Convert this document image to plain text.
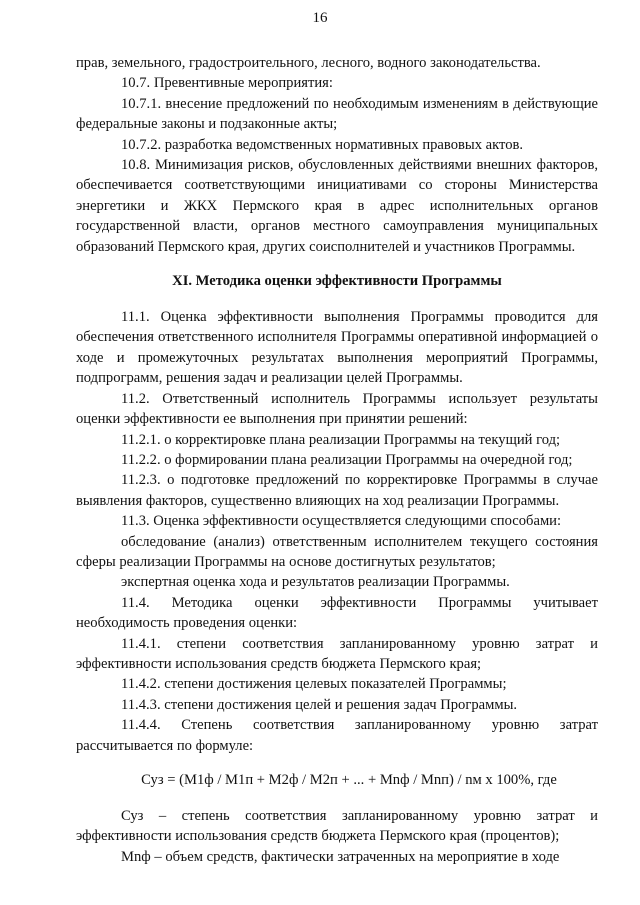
16

прав, земельного, градостроительного, лесного, водного законодательства.

10.7. Превентивные мероприятия:

10.7.1. внесение предложений по необходимым изменениям в действующие федеральные законы и подзаконные акты;

10.7.2. разработка ведомственных нормативных правовых актов.

10.8. Минимизация рисков, обусловленных действиями внешних факторов, обеспечивается соответствующими инициативами со стороны Министерства энергетики и ЖКХ Пермского края в адрес исполнительных органов государственной власти, органов местного самоуправления муниципальных образований Пермского края, других соисполнителей и участников Программы.

XI. Методика оценки эффективности Программы

11.1. Оценка эффективности выполнения Программы проводится для обеспечения ответственного исполнителя Программы оперативной информацией о ходе и промежуточных результатах выполнения мероприятий Программы, подпрограмм, решения задач и реализации целей Программы.

11.2. Ответственный исполнитель Программы использует результаты оценки эффективности ее выполнения при принятии решений:

11.2.1. о корректировке плана реализации Программы на текущий год;

11.2.2. о формировании плана реализации Программы на очередной год;

11.2.3. о подготовке предложений по корректировке Программы в случае выявления факторов, существенно влияющих на ход реализации Программы.

11.3. Оценка эффективности осуществляется следующими способами:

обследование (анализ) ответственным исполнителем текущего состояния сферы реализации Программы на основе достигнутых результатов;

экспертная оценка хода и результатов реализации Программы.

11.4. Методика оценки эффективности Программы учитывает необходимость проведения оценки:

11.4.1. степени соответствия запланированному уровню затрат и эффективности использования средств бюджета Пермского края;

11.4.2. степени достижения целевых показателей Программы;

11.4.3. степени достижения целей и решения задач Программы.

11.4.4. Степень соответствия запланированному уровню затрат рассчитывается по формуле:

Суз = (М1ф / М1п + М2ф / М2п + ... + Мnф / Мnп) / nм x 100%, где

Суз – степень соответствия запланированному уровню затрат и эффективности использования средств бюджета Пермского края (процентов);

Мnф – объем средств, фактически затраченных на мероприятие в ходе
